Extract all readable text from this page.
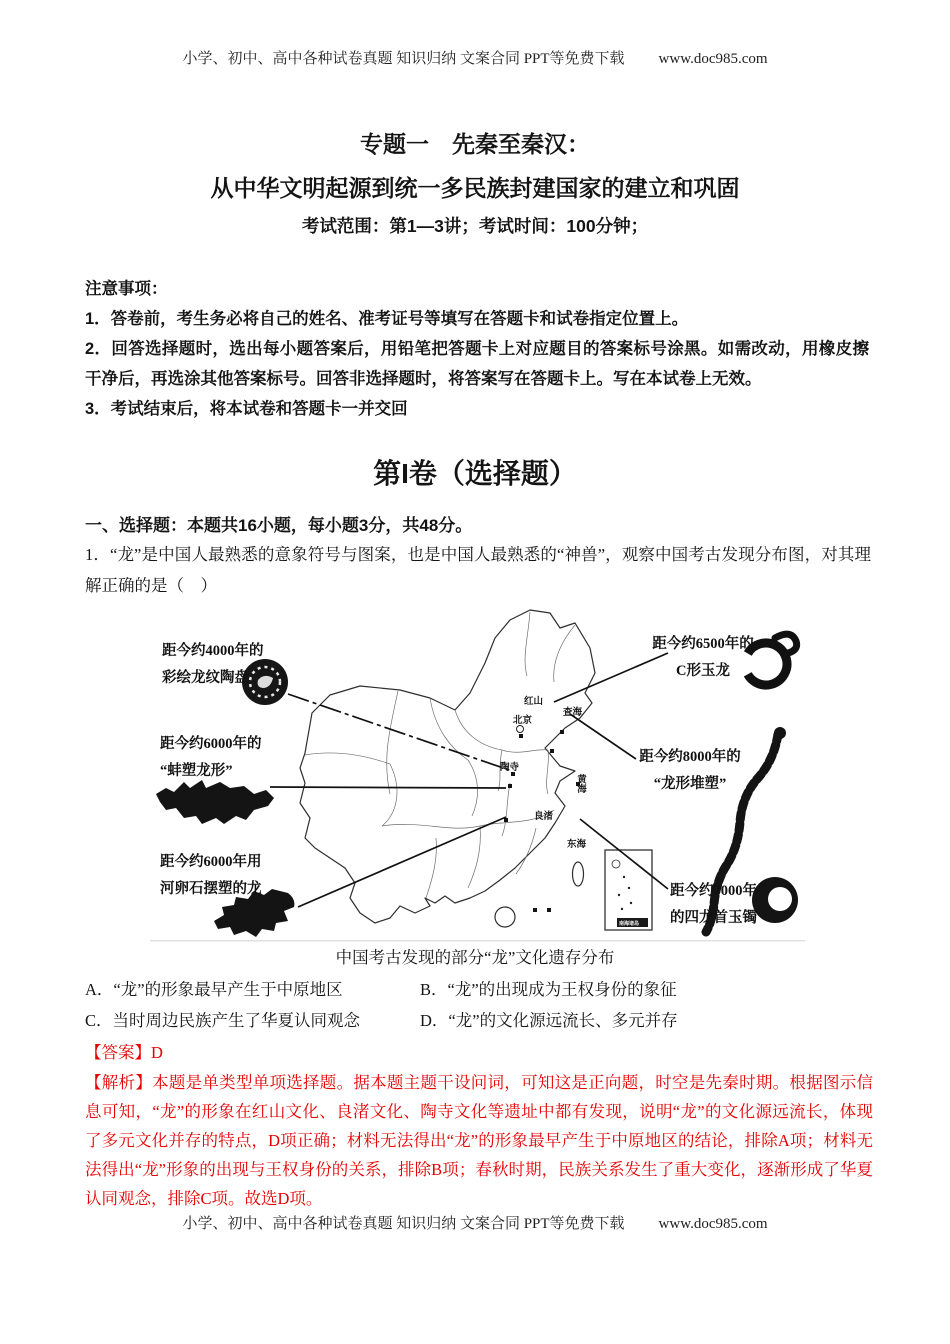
小学、初中、高中各种试卷真题 知识归纳 文案合同 PPT等免费下载 www.doc985.com
专题一　先秦至秦汉：
从中华文明起源到统一多民族封建国家的建立和巩固
考试范围：第1—3讲；考试时间：100分钟；
注意事项：
1．答卷前，考生务必将自己的姓名、准考证号等填写在答题卡和试卷指定位置上。
2．回答选择题时，选出每小题答案后，用铅笔把答题卡上对应题目的答案标号涂黑。如需改动，用橡皮擦干净后，再选涂其他答案标号。回答非选择题时，将答案写在答题卡上。写在本试卷上无效。
3．考试结束后，将本试卷和答题卡一并交回
第I卷（选择题）
一、选择题：本题共16小题，每小题3分，共48分。
1．“龙”是中国人最熟悉的意象符号与图案，也是中国人最熟悉的“神兽”，观察中国考古发现分布图，对其理解正确的是（　）
南海诸岛
距今约4000年的
彩绘龙纹陶盘
距今约6500年的
C形玉龙
距今约6000年的
“蚌塑龙形”
距今约8000年的
“龙形堆塑”
距今约6000年用
河卵石摆塑的龙	距今约7000年
的四龙首玉镯
红山
查海
北京
陶寺
良渚
东海
黄海
中国考古发现的部分“龙”文化遗存分布
A．“龙”的形象最早产生于中原地区	B．“龙”的出现成为王权身份的象征
C．当时周边民族产生了华夏认同观念	D．“龙”的文化源远流长、多元并存
【答案】D
【解析】本题是单类型单项选择题。据本题主题干设问词，可知这是正向题，时空是先秦时期。根据图示信息可知，“龙”的形象在红山文化、良渚文化、陶寺文化等遗址中都有发现，说明“龙”的文化源远流长，体现了多元文化并存的特点，D项正确；材料无法得出“龙”的形象最早产生于中原地区的结论，排除A项；材料无法得出“龙”形象的出现与王权身份的关系，排除B项；春秋时期，民族关系发生了重大变化，逐渐形成了华夏认同观念，排除C项。故选D项。
小学、初中、高中各种试卷真题 知识归纳 文案合同 PPT等免费下载 www.doc985.com
